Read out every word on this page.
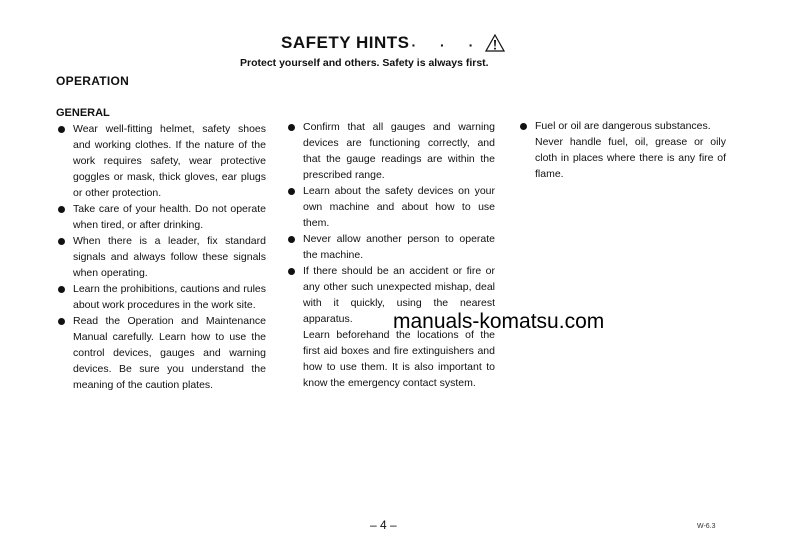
SAFETY HINTS · · ·
Protect yourself and others. Safety is always first.
OPERATION
GENERAL

Wear well-fitting helmet, safety shoes and working clothes. If the nature of the work requires safety, wear protective goggles or mask, thick gloves, ear plugs or other protection.

Take care of your health. Do not operate when tired, or after drinking.

When there is a leader, fix standard signals and always follow these signals when operating.

Learn the prohibitions, cautions and rules about work procedures in the work site.

Read the Operation and Maintenance Manual carefully. Learn how to use the control devices, gauges and warning devices. Be sure you understand the meaning of the caution plates.

Confirm that all gauges and warning devices are functioning correctly, and that the gauge readings are within the prescribed range.

Learn about the safety devices on your own machine and about how to use them.

Never allow another person to operate the machine.

If there should be an accident or fire or any other such unexpected mishap, deal with it quickly, using the nearest apparatus.

Learn beforehand the locations of the first aid boxes and fire extinguishers and how to use them. It is also important to know the emergency contact system.

Fuel or oil are dangerous substances.

Never handle fuel, oil, grease or oily cloth in places where there is any fire of flame.

manuals-komatsu.com
– 4 –	W-6.3
